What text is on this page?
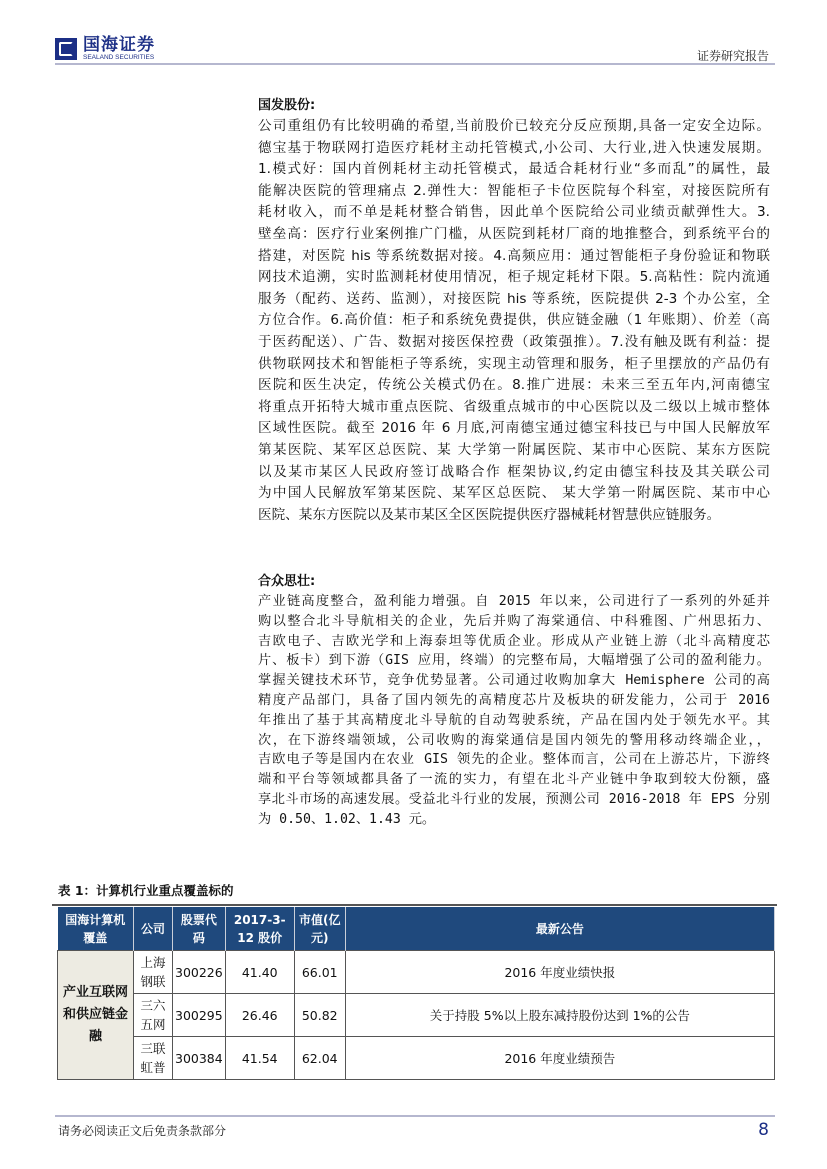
国海证券
SEALAND SECURITIES	证券研究报告
国发股份:
公司重组仍有比较明确的希望,当前股价已较充分反应预期,具备一定安全边际。
德宝基于物联网打造医疗耗材主动托管模式,小公司、大行业,进入快速发展期。
1.模式好：国内首例耗材主动托管模式，最适合耗材行业“多而乱”的属性，最
能解决医院的管理痛点 2.弹性大：智能柜子卡位医院每个科室，对接医院所有
耗材收入，而不单是耗材整合销售，因此单个医院给公司业绩贡献弹性大。3.
壁垒高：医疗行业案例推广门槛，从医院到耗材厂商的地推整合，到系统平台的
搭建，对医院 his 等系统数据对接。4.高频应用：通过智能柜子身份验证和物联
网技术追溯，实时监测耗材使用情况，柜子规定耗材下限。5.高粘性：院内流通
服务（配药、送药、监测），对接医院 his 等系统，医院提供 2-3 个办公室，全
方位合作。6.高价值：柜子和系统免费提供，供应链金融（1 年账期）、价差（高
于医药配送）、广告、数据对接医保控费（政策强推）。7.没有触及既有利益：提
供物联网技术和智能柜子等系统，实现主动管理和服务，柜子里摆放的产品仍有
医院和医生决定，传统公关模式仍在。8.推广进展：未来三至五年内,河南德宝
将重点开拓特大城市重点医院、省级重点城市的中心医院以及二级以上城市整体
区域性医院。截至 2016 年 6 月底,河南德宝通过德宝科技已与中国人民解放军
第某医院、某军区总医院、某 大学第一附属医院、某市中心医院、某东方医院
以及某市某区人民政府签订战略合作 框架协议,约定由德宝科技及其关联公司
为中国人民解放军第某医院、某军区总医院、 某大学第一附属医院、某市中心
医院、某东方医院以及某市某区全区医院提供医疗器械耗材智慧供应链服务。
合众思壮:
产业链高度整合，盈利能力增强。自 2015 年以来，公司进行了一系列的外延并
购以整合北斗导航相关的企业，先后并购了海棠通信、中科雅图、广州思拓力、
吉欧电子、吉欧光学和上海泰坦等优质企业。形成从产业链上游（北斗高精度芯
片、板卡）到下游（GIS 应用，终端）的完整布局，大幅增强了公司的盈利能力。
掌握关键技术环节，竞争优势显著。公司通过收购加拿大 Hemisphere 公司的高
精度产品部门，具备了国内领先的高精度芯片及板块的研发能力，公司于 2016
年推出了基于其高精度北斗导航的自动驾驶系统，产品在国内处于领先水平。其
次，在下游终端领域，公司收购的海棠通信是国内领先的警用移动终端企业，，
吉欧电子等是国内在农业 GIS 领先的企业。整体而言，公司在上游芯片，下游终
端和平台等领域都具备了一流的实力，有望在北斗产业链中争取到较大份额，盛
享北斗市场的高速发展。受益北斗行业的发展，预测公司 2016-2018 年 EPS 分别
为 0.50、1.02、1.43 元。
表 1：计算机行业重点覆盖标的
国海计算机覆盖	公司	股票代码	2017-3-12 股价	市值(亿元)	最新公告
产业互联网和供应链金融	上海钢联	300226	41.40	66.01	2016 年度业绩快报
	三六五网	300295	26.46	50.82	关于持股 5%以上股东减持股份达到 1%的公告
	三联虹普	300384	41.54	62.04	2016 年度业绩预告
请务必阅读正文后免责条款部分	8
